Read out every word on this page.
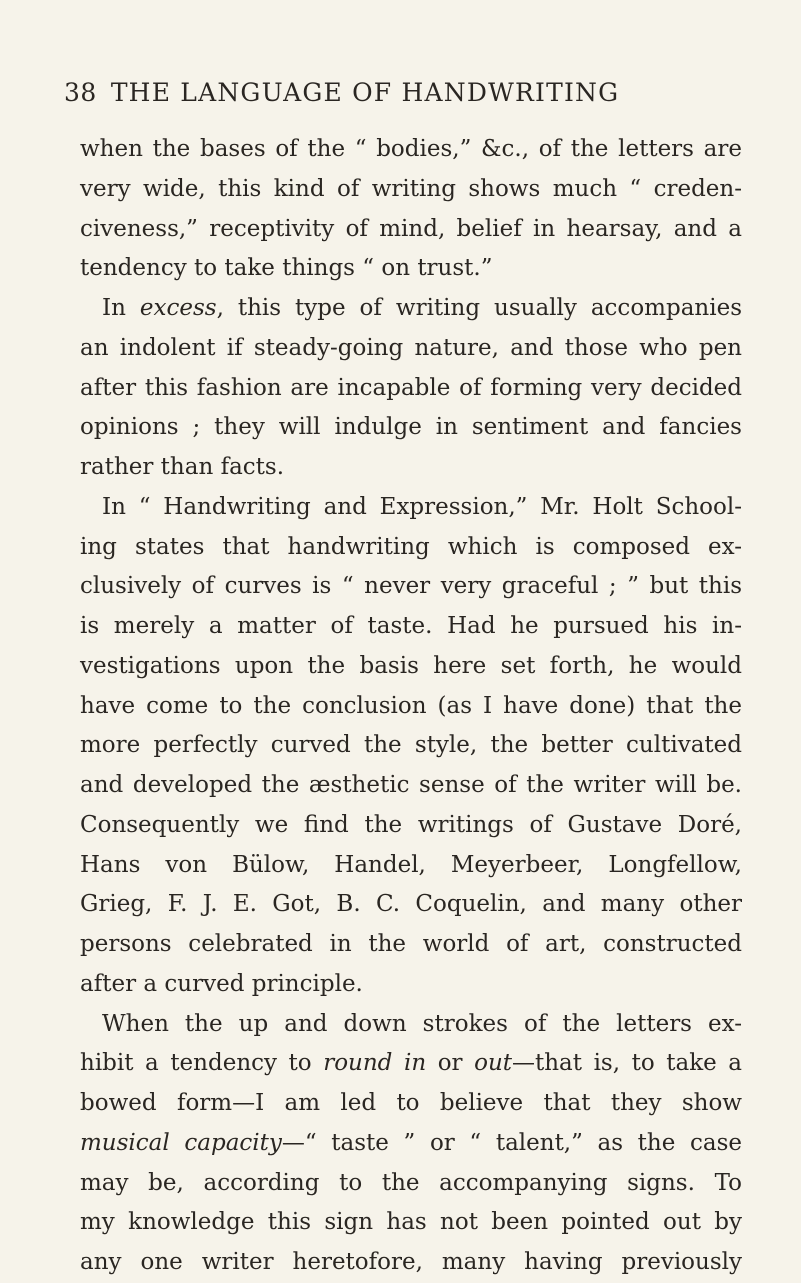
38 THE LANGUAGE OF HANDWRITING
when the bases of the “ bodies,” &c., of the letters are
very wide, this kind of writing shows much “ creden-
civeness,” receptivity of mind, belief in hearsay, and a
tendency to take things “ on trust.”
In excess, this type of writing usually accompanies
an indolent if steady-going nature, and those who pen
after this fashion are incapable of forming very decided
opinions ; they will indulge in sentiment and fancies
rather than facts.
In “ Handwriting and Expression,” Mr. Holt School-
ing states that handwriting which is composed ex-
clusively of curves is “ never very graceful ; ” but this
is merely a matter of taste. Had he pursued his in-
vestigations upon the basis here set forth, he would
have come to the conclusion (as I have done) that the
more perfectly curved the style, the better cultivated
and developed the æsthetic sense of the writer will be.
Consequently we find the writings of Gustave Doré,
Hans von Bülow, Handel, Meyerbeer, Longfellow,
Grieg, F. J. E. Got, B. C. Coquelin, and many other
persons celebrated in the world of art, constructed
after a curved principle.
When the up and down strokes of the letters ex-
hibit a tendency to round in or out—that is, to take a
bowed form—I am led to believe that they show
musical capacity—“ taste ” or “ talent,” as the case
may be, according to the accompanying signs. To
my knowledge this sign has not been pointed out by
any one writer heretofore, many having previously
